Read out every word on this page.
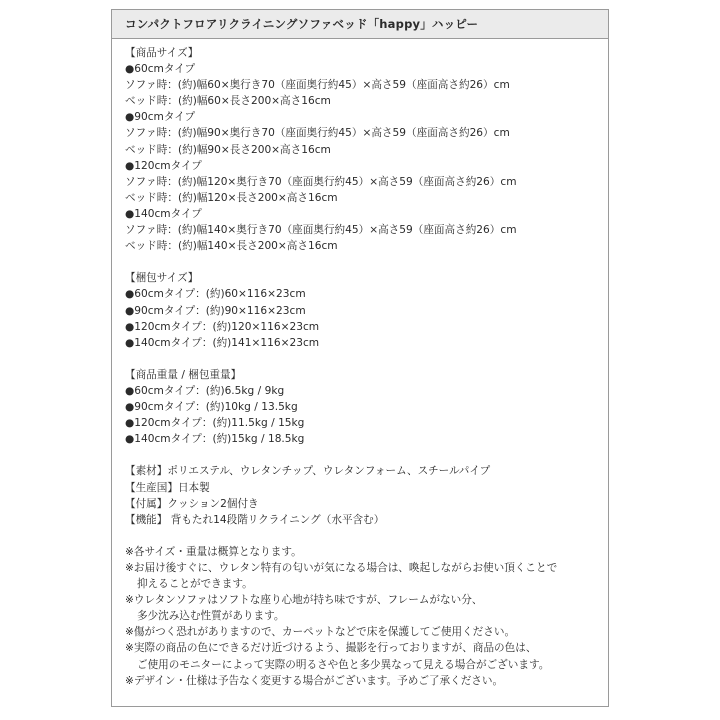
コンパクトフロアリクライニングソファベッド「happy」ハッピー
【商品サイズ】
●60cmタイプ
ソファ時：(約)幅60×奥行き70（座面奥行約45）×高さ59（座面高さ約26）cm
ベッド時：(約)幅60×長さ200×高さ16cm
●90cmタイプ
ソファ時：(約)幅90×奥行き70（座面奥行約45）×高さ59（座面高さ約26）cm
ベッド時：(約)幅90×長さ200×高さ16cm
●120cmタイプ
ソファ時：(約)幅120×奥行き70（座面奥行約45）×高さ59（座面高さ約26）cm
ベッド時：(約)幅120×長さ200×高さ16cm
●140cmタイプ
ソファ時：(約)幅140×奥行き70（座面奥行約45）×高さ59（座面高さ約26）cm
ベッド時：(約)幅140×長さ200×高さ16cm
【梱包サイズ】
●60cmタイプ：(約)60×116×23cm
●90cmタイプ：(約)90×116×23cm
●120cmタイプ：(約)120×116×23cm
●140cmタイプ：(約)141×116×23cm
【商品重量 / 梱包重量】
●60cmタイプ：(約)6.5kg / 9kg
●90cmタイプ：(約)10kg / 13.5kg
●120cmタイプ：(約)11.5kg / 15kg
●140cmタイプ：(約)15kg / 18.5kg
【素材】ポリエステル、ウレタンチップ、ウレタンフォーム、スチールパイプ
【生産国】日本製
【付属】クッション2個付き
【機能】 背もたれ14段階リクライニング（水平含む）
※各サイズ・重量は概算となります。
※お届け後すぐに、ウレタン特有の匂いが気になる場合は、喚起しながらお使い頂くことで
抑えることができます。
※ウレタンソファはソフトな座り心地が持ち味ですが、フレームがない分、
多少沈み込む性質があります。
※傷がつく恐れがありますので、カーペットなどで床を保護してご使用ください。
※実際の商品の色にできるだけ近づけるよう、撮影を行っておりますが、商品の色は、
ご使用のモニターによって実際の明るさや色と多少異なって見える場合がございます。
※デザイン・仕様は予告なく変更する場合がございます。予めご了承ください。
